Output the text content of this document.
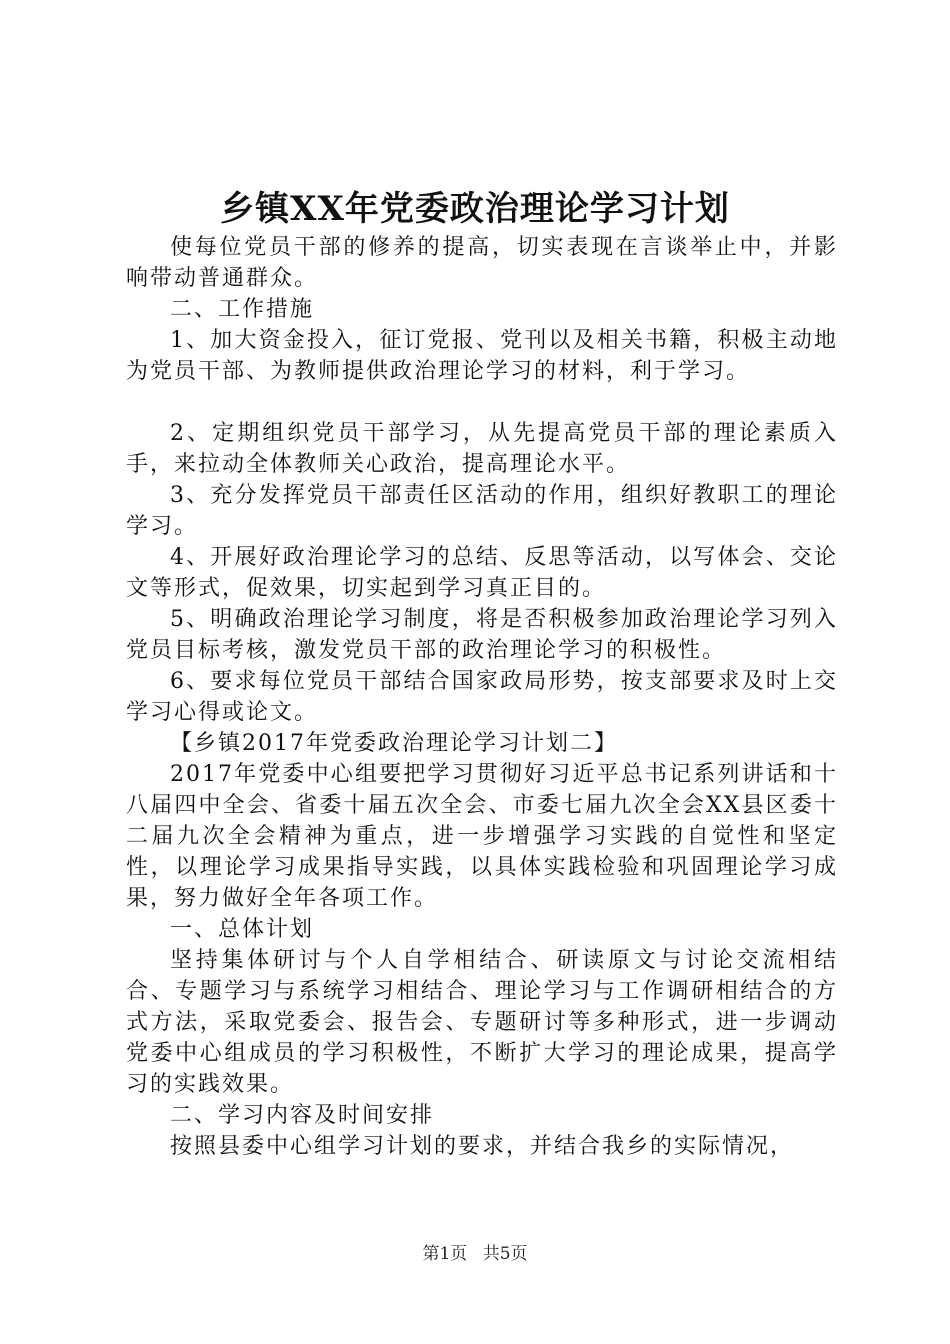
乡镇XX年党委政治理论学习计划

使每位党员干部的修养的提高，切实表现在言谈举止中，并影响带动普通群众。

二、工作措施

1、加大资金投入，征订党报、党刊以及相关书籍，积极主动地为党员干部、为教师提供政治理论学习的材料，利于学习。

2、定期组织党员干部学习，从先提高党员干部的理论素质入手，来拉动全体教师关心政治，提高理论水平。

3、充分发挥党员干部责任区活动的作用，组织好教职工的理论学习。

4、开展好政治理论学习的总结、反思等活动，以写体会、交论文等形式，促效果，切实起到学习真正目的。

5、明确政治理论学习制度，将是否积极参加政治理论学习列入党员目标考核，激发党员干部的政治理论学习的积极性。

6、要求每位党员干部结合国家政局形势，按支部要求及时上交学习心得或论文。

【乡镇2017年党委政治理论学习计划二】

2017年党委中心组要把学习贯彻好习近平总书记系列讲话和十八届四中全会、省委十届五次全会、市委七届九次全会XX县区委十二届九次全会精神为重点，进一步增强学习实践的自觉性和坚定性，以理论学习成果指导实践，以具体实践检验和巩固理论学习成果，努力做好全年各项工作。

一、总体计划

坚持集体研讨与个人自学相结合、研读原文与讨论交流相结合、专题学习与系统学习相结合、理论学习与工作调研相结合的方式方法，采取党委会、报告会、专题研讨等多种形式，进一步调动党委中心组成员的学习积极性，不断扩大学习的理论成果，提高学习的实践效果。

二、学习内容及时间安排

按照县委中心组学习计划的要求，并结合我乡的实际情况，

第1页 共5页
